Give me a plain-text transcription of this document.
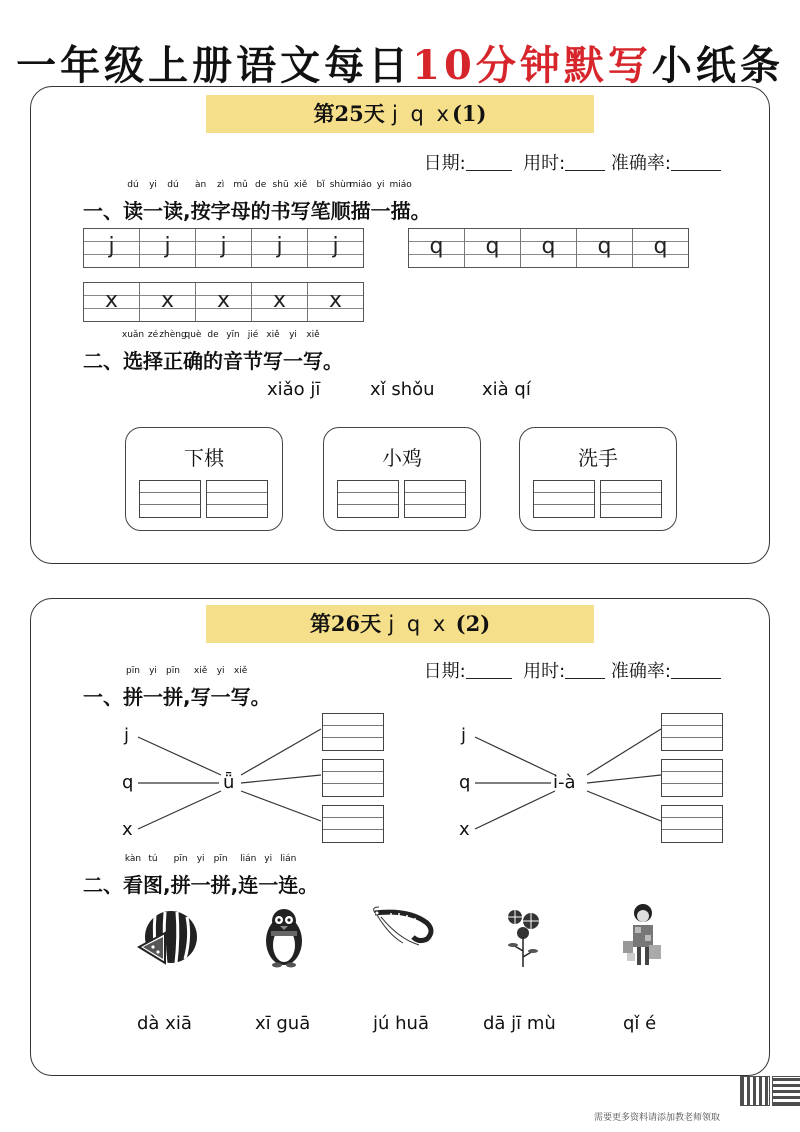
一年级上册语文每日10分钟默写小纸条
第25天 j q x(1)
日期:	用时:	准确率:
一、
dú
读
yi
一
dú
读,
àn
按
zì
字
mǔ
母
de
的
shū
书
xiě
写
bǐ
笔
shùn
顺
miáo
描
yi
一
miáo
描。
j	j	j	j	j	q	q	q	q	q
x	x	x	x	x
二、
xuǎn
选
zé
择
zhèng
正
què
确
de
的
yīn
音
jié
节
xiě
写
yi
一
xiě
写。
xiǎo jī	xǐ shǒu	xià qí
下棋	小鸡	洗手
第26天 j q x (2)
日期:	用时:	准确率:
一、
pīn
拼
yi
一
pīn
拼,
xiě
写
yi
一
xiě
写。
j
q
x
ǖ
j
q
x
i-à
二、
kàn
看
tú
图,
pīn
拼
yi
一
pīn
拼,
lián
连
yi
一
lián
连。
dà xiā	xī guā	jú huā	dā jī mù	qǐ é
需要更多资料请添加教老师领取
